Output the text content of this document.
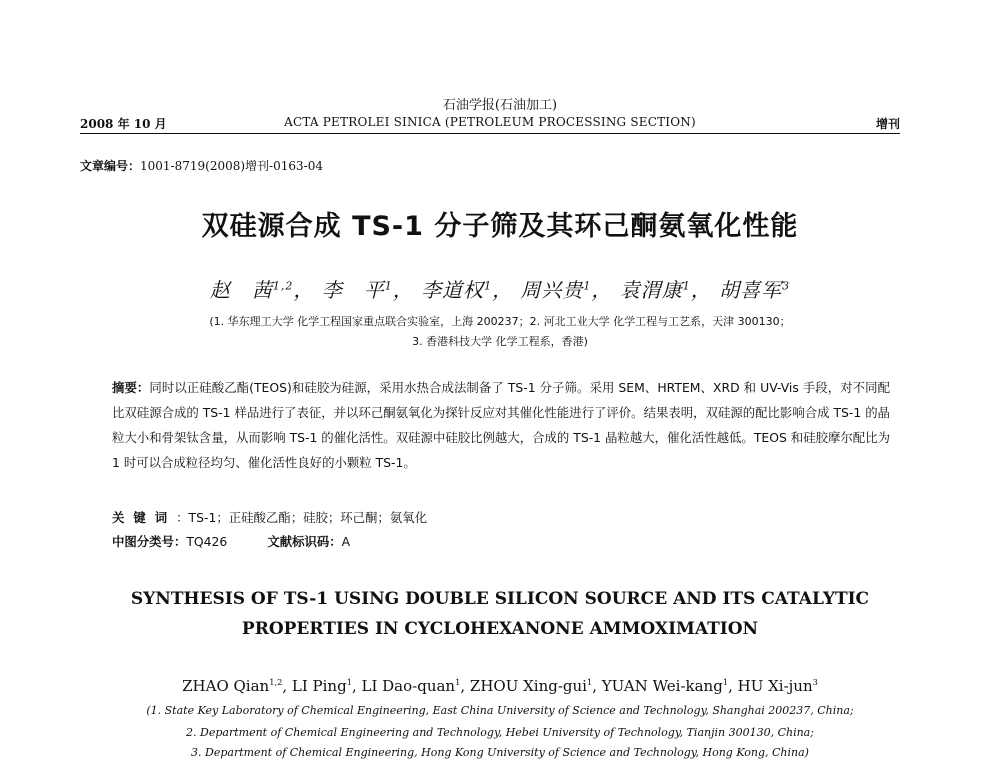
石油学报(石油加工)
2008 年 10 月	ACTA PETROLEI SINICA (PETROLEUM PROCESSING SECTION)	增刊
文章编号：1001-8719(2008)增刊-0163-04
双硅源合成 TS-1 分子筛及其环己酮氨氧化性能
赵　茜$^{1,2}$， 李　平$^1$， 李道权$^1$， 周兴贵$^1$， 袁渭康$^1$， 胡喜军$^3$
(1. 华东理工大学 化学工程国家重点联合实验室，上海 200237；2. 河北工业大学 化学工程与工艺系，天津 300130；
3. 香港科技大学 化学工程系，香港)
摘要：同时以正硅酸乙酯(TEOS)和硅胶为硅源，采用水热合成法制备了 TS-1 分子筛。采用 SEM、HRTEM、XRD 和 UV-Vis 手段，对不同配比双硅源合成的 TS-1 样品进行了表征，并以环己酮氨氧化为探针反应对其催化性能进行了评价。结果表明，双硅源的配比影响合成 TS-1 的晶粒大小和骨架钛含量，从而影响 TS-1 的催化活性。双硅源中硅胶比例越大，合成的 TS-1 晶粒越大，催化活性越低。TEOS 和硅胶摩尔配比为 1 时可以合成粒径均匀、催化活性良好的小颗粒 TS-1。
关键词：TS-1；正硅酸乙酯；硅胶；环己酮；氨氧化
中图分类号：TQ426	文献标识码：A
SYNTHESIS OF TS-1 USING DOUBLE SILICON SOURCE AND ITS CATALYTIC
PROPERTIES IN CYCLOHEXANONE AMMOXIMATION
ZHAO Qian$^{1,2}$, LI Ping$^1$, LI Dao-quan$^1$, ZHOU Xing-gui$^1$, YUAN Wei-kang$^1$, HU Xi-jun$^3$
(1. State Key Laboratory of Chemical Engineering, East China University of Science and Technology, Shanghai 200237, China;
2. Department of Chemical Engineering and Technology, Hebei University of Technology, Tianjin 300130, China;
3. Department of Chemical Engineering, Hong Kong University of Science and Technology, Hong Kong, China)
